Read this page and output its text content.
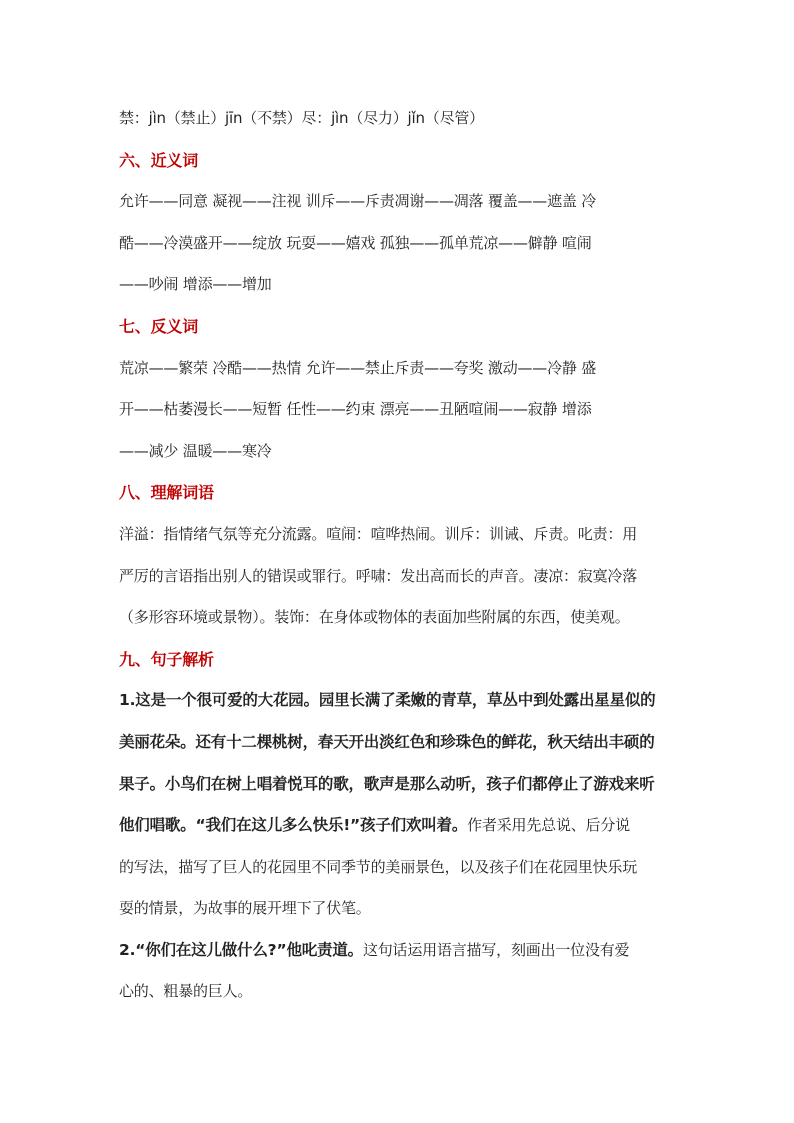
禁：jìn（禁止）jīn（不禁）尽：jìn（尽力）jǐn（尽管）
六、近义词
允许——同意 凝视——注视 训斥——斥责凋谢——凋落 覆盖——遮盖 冷
酷——冷漠盛开——绽放 玩耍——嬉戏 孤独——孤单荒凉——僻静 喧闹
——吵闹 增添——增加
七、反义词
荒凉——繁荣 冷酷——热情 允许——禁止斥责——夸奖 激动——冷静 盛
开——枯萎漫长——短暂 任性——约束 漂亮——丑陋喧闹——寂静 增添
——减少 温暖——寒冷
八、理解词语
洋溢：指情绪气氛等充分流露。喧闹：喧哗热闹。训斥：训诫、斥责。叱责：用
严厉的言语指出别人的错误或罪行。呼啸：发出高而长的声音。凄凉：寂寞冷落
（多形容环境或景物）。装饰：在身体或物体的表面加些附属的东西，使美观。
九、句子解析
1.这是一个很可爱的大花园。园里长满了柔嫩的青草，草丛中到处露出星星似的
美丽花朵。还有十二棵桃树，春天开出淡红色和珍珠色的鲜花，秋天结出丰硕的
果子。小鸟们在树上唱着悦耳的歌，歌声是那么动听，孩子们都停止了游戏来听
他们唱歌。“我们在这儿多么快乐!”孩子们欢叫着。作者采用先总说、后分说
的写法，描写了巨人的花园里不同季节的美丽景色，以及孩子们在花园里快乐玩
耍的情景，为故事的展开埋下了伏笔。
2.“你们在这儿做什么?”他叱责道。这句话运用语言描写，刻画出一位没有爱
心的、粗暴的巨人。
